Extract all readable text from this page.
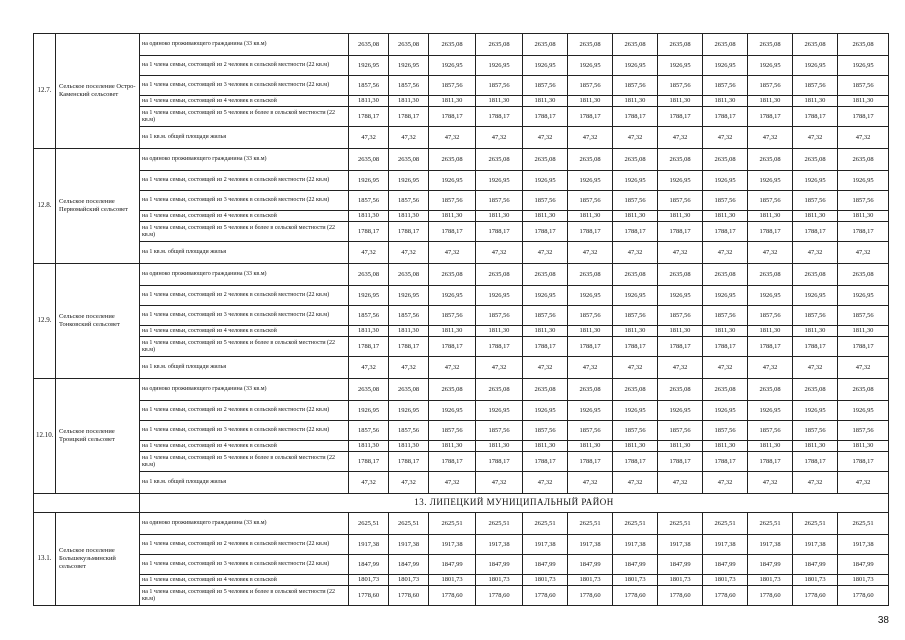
12.7.	Сельское поселение Остро-Каменский сельсовет	на одиноко проживающего гражданина (33 кв.м)	2635,08	2635,08	2635,08	2635,08	2635,08	2635,08	2635,08	2635,08	2635,08	2635,08	2635,08	2635,08
		на 1 члена семьи, состоящей из 2 человек в сельской местности (22 кв.м)	1926,95	1926,95	1926,95	1926,95	1926,95	1926,95	1926,95	1926,95	1926,95	1926,95	1926,95	1926,95
		на 1 члена семьи, состоящей из 3 человек в сельской местности (22 кв.м)	1857,56	1857,56	1857,56	1857,56	1857,56	1857,56	1857,56	1857,56	1857,56	1857,56	1857,56	1857,56
		на 1 члена семьи, состоящей из 4 человек в сельской	1811,30	1811,30	1811,30	1811,30	1811,30	1811,30	1811,30	1811,30	1811,30	1811,30	1811,30	1811,30
		на 1 члена семьи, состоящей из 5 человек и более в сельской местности (22 кв.м)	1788,17	1788,17	1788,17	1788,17	1788,17	1788,17	1788,17	1788,17	1788,17	1788,17	1788,17	1788,17
		на 1 кв.м. общей площади жилья	47,32	47,32	47,32	47,32	47,32	47,32	47,32	47,32	47,32	47,32	47,32	47,32
12.8.	Сельское поселение Первомайский сельсовет	на одиноко проживающего гражданина (33 кв.м)	2635,08	2635,08	2635,08	2635,08	2635,08	2635,08	2635,08	2635,08	2635,08	2635,08	2635,08	2635,08
		на 1 члена семьи, состоящей из 2 человек в сельской местности (22 кв.м)	1926,95	1926,95	1926,95	1926,95	1926,95	1926,95	1926,95	1926,95	1926,95	1926,95	1926,95	1926,95
		на 1 члена семьи, состоящей из 3 человек в сельской местности (22 кв.м)	1857,56	1857,56	1857,56	1857,56	1857,56	1857,56	1857,56	1857,56	1857,56	1857,56	1857,56	1857,56
		на 1 члена семьи, состоящей из 4 человек в сельской	1811,30	1811,30	1811,30	1811,30	1811,30	1811,30	1811,30	1811,30	1811,30	1811,30	1811,30	1811,30
		на 1 члена семьи, состоящей из 5 человек и более в сельской местности (22 кв.м)	1788,17	1788,17	1788,17	1788,17	1788,17	1788,17	1788,17	1788,17	1788,17	1788,17	1788,17	1788,17
		на 1 кв.м. общей площади жилья	47,32	47,32	47,32	47,32	47,32	47,32	47,32	47,32	47,32	47,32	47,32	47,32
12.9.	Сельское поселение Тонковский сельсовет	на одиноко проживающего гражданина (33 кв.м)	2635,08	2635,08	2635,08	2635,08	2635,08	2635,08	2635,08	2635,08	2635,08	2635,08	2635,08	2635,08
		на 1 члена семьи, состоящей из 2 человек в сельской местности (22 кв.м)	1926,95	1926,95	1926,95	1926,95	1926,95	1926,95	1926,95	1926,95	1926,95	1926,95	1926,95	1926,95
		на 1 члена семьи, состоящей из 3 человек в сельской местности (22 кв.м)	1857,56	1857,56	1857,56	1857,56	1857,56	1857,56	1857,56	1857,56	1857,56	1857,56	1857,56	1857,56
		на 1 члена семьи, состоящей из 4 человек в сельской	1811,30	1811,30	1811,30	1811,30	1811,30	1811,30	1811,30	1811,30	1811,30	1811,30	1811,30	1811,30
		на 1 члена семьи, состоящей из 5 человек и более в сельской местности (22 кв.м)	1788,17	1788,17	1788,17	1788,17	1788,17	1788,17	1788,17	1788,17	1788,17	1788,17	1788,17	1788,17
		на 1 кв.м. общей площади жилья	47,32	47,32	47,32	47,32	47,32	47,32	47,32	47,32	47,32	47,32	47,32	47,32
12.10.	Сельское поселение Троицкий сельсовет	на одиноко проживающего гражданина (33 кв.м)	2635,08	2635,08	2635,08	2635,08	2635,08	2635,08	2635,08	2635,08	2635,08	2635,08	2635,08	2635,08
		на 1 члена семьи, состоящей из 2 человек в сельской местности (22 кв.м)	1926,95	1926,95	1926,95	1926,95	1926,95	1926,95	1926,95	1926,95	1926,95	1926,95	1926,95	1926,95
		на 1 члена семьи, состоящей из 3 человек в сельской местности (22 кв.м)	1857,56	1857,56	1857,56	1857,56	1857,56	1857,56	1857,56	1857,56	1857,56	1857,56	1857,56	1857,56
		на 1 члена семьи, состоящей из 4 человек в сельской	1811,30	1811,30	1811,30	1811,30	1811,30	1811,30	1811,30	1811,30	1811,30	1811,30	1811,30	1811,30
		на 1 члена семьи, состоящей из 5 человек и более в сельской местности (22 кв.м)	1788,17	1788,17	1788,17	1788,17	1788,17	1788,17	1788,17	1788,17	1788,17	1788,17	1788,17	1788,17
		на 1 кв.м. общей площади жилья	47,32	47,32	47,32	47,32	47,32	47,32	47,32	47,32	47,32	47,32	47,32	47,32
		13. ЛИПЕЦКИЙ МУНИЦИПАЛЬНЫЙ РАЙОН												
13.1.	Сельское поселение Большекузьминский сельсовет	на одиноко проживающего гражданина (33 кв.м)	2625,51	2625,51	2625,51	2625,51	2625,51	2625,51	2625,51	2625,51	2625,51	2625,51	2625,51	2625,51
		на 1 члена семьи, состоящей из 2 человек в сельской местности (22 кв.м)	1917,38	1917,38	1917,38	1917,38	1917,38	1917,38	1917,38	1917,38	1917,38	1917,38	1917,38	1917,38
		на 1 члена семьи, состоящей из 3 человек в сельской местности (22 кв.м)	1847,99	1847,99	1847,99	1847,99	1847,99	1847,99	1847,99	1847,99	1847,99	1847,99	1847,99	1847,99
		на 1 члена семьи, состоящей из 4 человек в сельской	1801,73	1801,73	1801,73	1801,73	1801,73	1801,73	1801,73	1801,73	1801,73	1801,73	1801,73	1801,73
		на 1 члена семьи, состоящей из 5 человек и более в сельской местности (22 кв.м)	1778,60	1778,60	1778,60	1778,60	1778,60	1778,60	1778,60	1778,60	1778,60	1778,60	1778,60	1778,60
38
